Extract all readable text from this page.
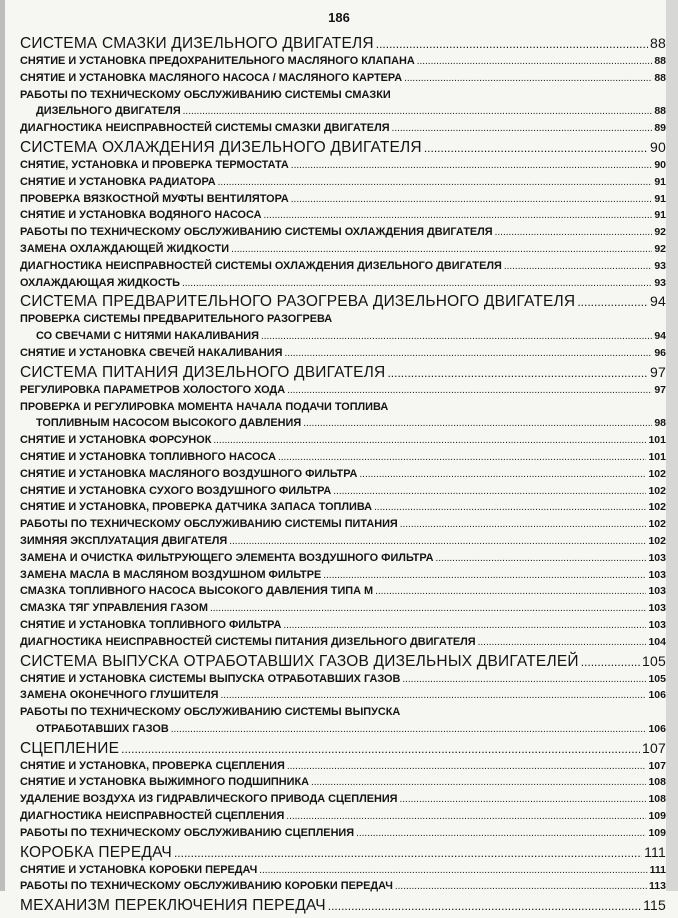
186
СИСТЕМА СМАЗКИ ДИЗЕЛЬНОГО ДВИГАТЕЛЯ .....	88
СНЯТИЕ И УСТАНОВКА ПРЕДОХРАНИТЕЛЬНОГО МАСЛЯНОГО КЛАПАНА .....	88
СНЯТИЕ И УСТАНОВКА МАСЛЯНОГО НАСОСА / МАСЛЯНОГО КАРТЕРА .....	88
РАБОТЫ ПО ТЕХНИЧЕСКОМУ ОБСЛУЖИВАНИЮ СИСТЕМЫ СМАЗКИ
ДИЗЕЛЬНОГО ДВИГАТЕЛЯ .....	88
ДИАГНОСТИКА НЕИСПРАВНОСТЕЙ СИСТЕМЫ СМАЗКИ ДВИГАТЕЛЯ .....	89
СИСТЕМА ОХЛАЖДЕНИЯ ДИЗЕЛЬНОГО ДВИГАТЕЛЯ .....	90
СНЯТИЕ, УСТАНОВКА И ПРОВЕРКА ТЕРМОСТАТА .....	90
СНЯТИЕ И УСТАНОВКА РАДИАТОРА .....	91
ПРОВЕРКА ВЯЗКОСТНОЙ МУФТЫ ВЕНТИЛЯТОРА .....	91
СНЯТИЕ И УСТАНОВКА ВОДЯНОГО НАСОСА .....	91
РАБОТЫ ПО ТЕХНИЧЕСКОМУ ОБСЛУЖИВАНИЮ СИСТЕМЫ ОХЛАЖДЕНИЯ ДВИГАТЕЛЯ .....	92
ЗАМЕНА ОХЛАЖДАЮЩЕЙ ЖИДКОСТИ .....	92
ДИАГНОСТИКА НЕИСПРАВНОСТЕЙ СИСТЕМЫ ОХЛАЖДЕНИЯ ДИЗЕЛЬНОГО ДВИГАТЕЛЯ .....	93
ОХЛАЖДАЮЩАЯ ЖИДКОСТЬ .....	93
СИСТЕМА ПРЕДВАРИТЕЛЬНОГО РАЗОГРЕВА ДИЗЕЛЬНОГО ДВИГАТЕЛЯ .....	94
ПРОВЕРКА СИСТЕМЫ ПРЕДВАРИТЕЛЬНОГО РАЗОГРЕВА
СО СВЕЧАМИ С НИТЯМИ НАКАЛИВАНИЯ .....	94
СНЯТИЕ И УСТАНОВКА СВЕЧЕЙ НАКАЛИВАНИЯ .....	96
СИСТЕМА ПИТАНИЯ ДИЗЕЛЬНОГО ДВИГАТЕЛЯ .....	97
РЕГУЛИРОВКА ПАРАМЕТРОВ ХОЛОСТОГО ХОДА .....	97
ПРОВЕРКА И РЕГУЛИРОВКА МОМЕНТА НАЧАЛА ПОДАЧИ ТОПЛИВА
ТОПЛИВНЫМ НАСОСОМ ВЫСОКОГО ДАВЛЕНИЯ .....	98
СНЯТИЕ И УСТАНОВКА ФОРСУНОК .....	101
СНЯТИЕ И УСТАНОВКА ТОПЛИВНОГО НАСОСА .....	101
СНЯТИЕ И УСТАНОВКА МАСЛЯНОГО ВОЗДУШНОГО ФИЛЬТРА .....	102
СНЯТИЕ И УСТАНОВКА СУХОГО ВОЗДУШНОГО ФИЛЬТРА .....	102
СНЯТИЕ И УСТАНОВКА, ПРОВЕРКА ДАТЧИКА ЗАПАСА ТОПЛИВА .....	102
РАБОТЫ ПО ТЕХНИЧЕСКОМУ ОБСЛУЖИВАНИЮ СИСТЕМЫ ПИТАНИЯ .....	102
ЗИМНЯЯ ЭКСПЛУАТАЦИЯ ДВИГАТЕЛЯ .....	102
ЗАМЕНА И ОЧИСТКА ФИЛЬТРУЮЩЕГО ЭЛЕМЕНТА ВОЗДУШНОГО ФИЛЬТРА .....	103
ЗАМЕНА МАСЛА В МАСЛЯНОМ ВОЗДУШНОМ ФИЛЬТРЕ .....	103
СМАЗКА ТОПЛИВНОГО НАСОСА ВЫСОКОГО ДАВЛЕНИЯ ТИПА М .....	103
СМАЗКА ТЯГ УПРАВЛЕНИЯ ГАЗОМ .....	103
СНЯТИЕ И УСТАНОВКА ТОПЛИВНОГО ФИЛЬТРА .....	103
ДИАГНОСТИКА НЕИСПРАВНОСТЕЙ СИСТЕМЫ ПИТАНИЯ ДИЗЕЛЬНОГО ДВИГАТЕЛЯ .....	104
СИСТЕМА ВЫПУСКА ОТРАБОТАВШИХ ГАЗОВ ДИЗЕЛЬНЫХ ДВИГАТЕЛЕЙ .....	105
СНЯТИЕ И УСТАНОВКА СИСТЕМЫ ВЫПУСКА ОТРАБОТАВШИХ ГАЗОВ .....	105
ЗАМЕНА ОКОНЕЧНОГО ГЛУШИТЕЛЯ .....	106
РАБОТЫ ПО ТЕХНИЧЕСКОМУ ОБСЛУЖИВАНИЮ СИСТЕМЫ ВЫПУСКА
ОТРАБОТАВШИХ ГАЗОВ .....	106
СЦЕПЛЕНИЕ .....	107
СНЯТИЕ И УСТАНОВКА, ПРОВЕРКА СЦЕПЛЕНИЯ .....	107
СНЯТИЕ И УСТАНОВКА ВЫЖИМНОГО ПОДШИПНИКА .....	108
УДАЛЕНИЕ ВОЗДУХА ИЗ ГИДРАВЛИЧЕСКОГО ПРИВОДА СЦЕПЛЕНИЯ .....	108
ДИАГНОСТИКА НЕИСПРАВНОСТЕЙ СЦЕПЛЕНИЯ .....	109
РАБОТЫ ПО ТЕХНИЧЕСКОМУ ОБСЛУЖИВАНИЮ СЦЕПЛЕНИЯ .....	109
КОРОБКА ПЕРЕДАЧ .....	111
СНЯТИЕ И УСТАНОВКА КОРОБКИ ПЕРЕДАЧ .....	111
РАБОТЫ ПО ТЕХНИЧЕСКОМУ ОБСЛУЖИВАНИЮ КОРОБКИ ПЕРЕДАЧ .....	113
МЕХАНИЗМ ПЕРЕКЛЮЧЕНИЯ ПЕРЕДАЧ .....	115
